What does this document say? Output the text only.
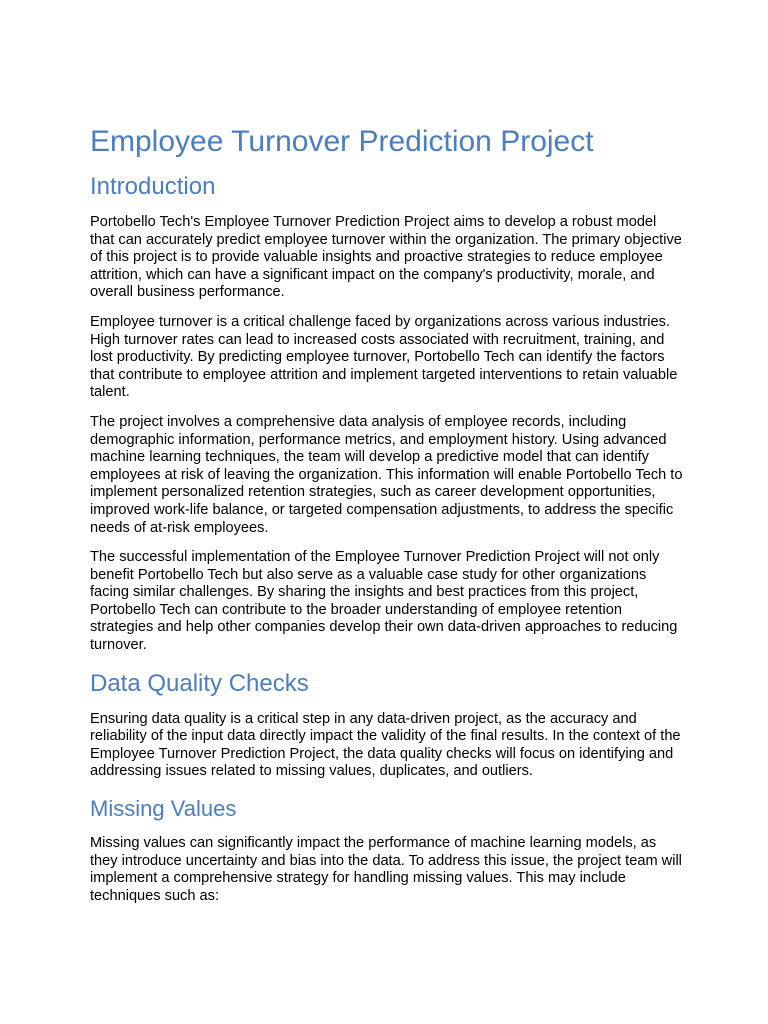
Employee Turnover Prediction Project
Introduction

Portobello Tech's Employee Turnover Prediction Project aims to develop a robust model that can accurately predict employee turnover within the organization. The primary objective of this project is to provide valuable insights and proactive strategies to reduce employee attrition, which can have a significant impact on the company's productivity, morale, and overall business performance.

Employee turnover is a critical challenge faced by organizations across various industries. High turnover rates can lead to increased costs associated with recruitment, training, and lost productivity. By predicting employee turnover, Portobello Tech can identify the factors that contribute to employee attrition and implement targeted interventions to retain valuable talent.

The project involves a comprehensive data analysis of employee records, including demographic information, performance metrics, and employment history. Using advanced machine learning techniques, the team will develop a predictive model that can identify employees at risk of leaving the organization. This information will enable Portobello Tech to implement personalized retention strategies, such as career development opportunities, improved work-life balance, or targeted compensation adjustments, to address the specific needs of at-risk employees.

The successful implementation of the Employee Turnover Prediction Project will not only benefit Portobello Tech but also serve as a valuable case study for other organizations facing similar challenges. By sharing the insights and best practices from this project, Portobello Tech can contribute to the broader understanding of employee retention strategies and help other companies develop their own data-driven approaches to reducing turnover.

Data Quality Checks

Ensuring data quality is a critical step in any data-driven project, as the accuracy and reliability of the input data directly impact the validity of the final results. In the context of the Employee Turnover Prediction Project, the data quality checks will focus on identifying and addressing issues related to missing values, duplicates, and outliers.

Missing Values

Missing values can significantly impact the performance of machine learning models, as they introduce uncertainty and bias into the data. To address this issue, the project team will implement a comprehensive strategy for handling missing values. This may include techniques such as:
